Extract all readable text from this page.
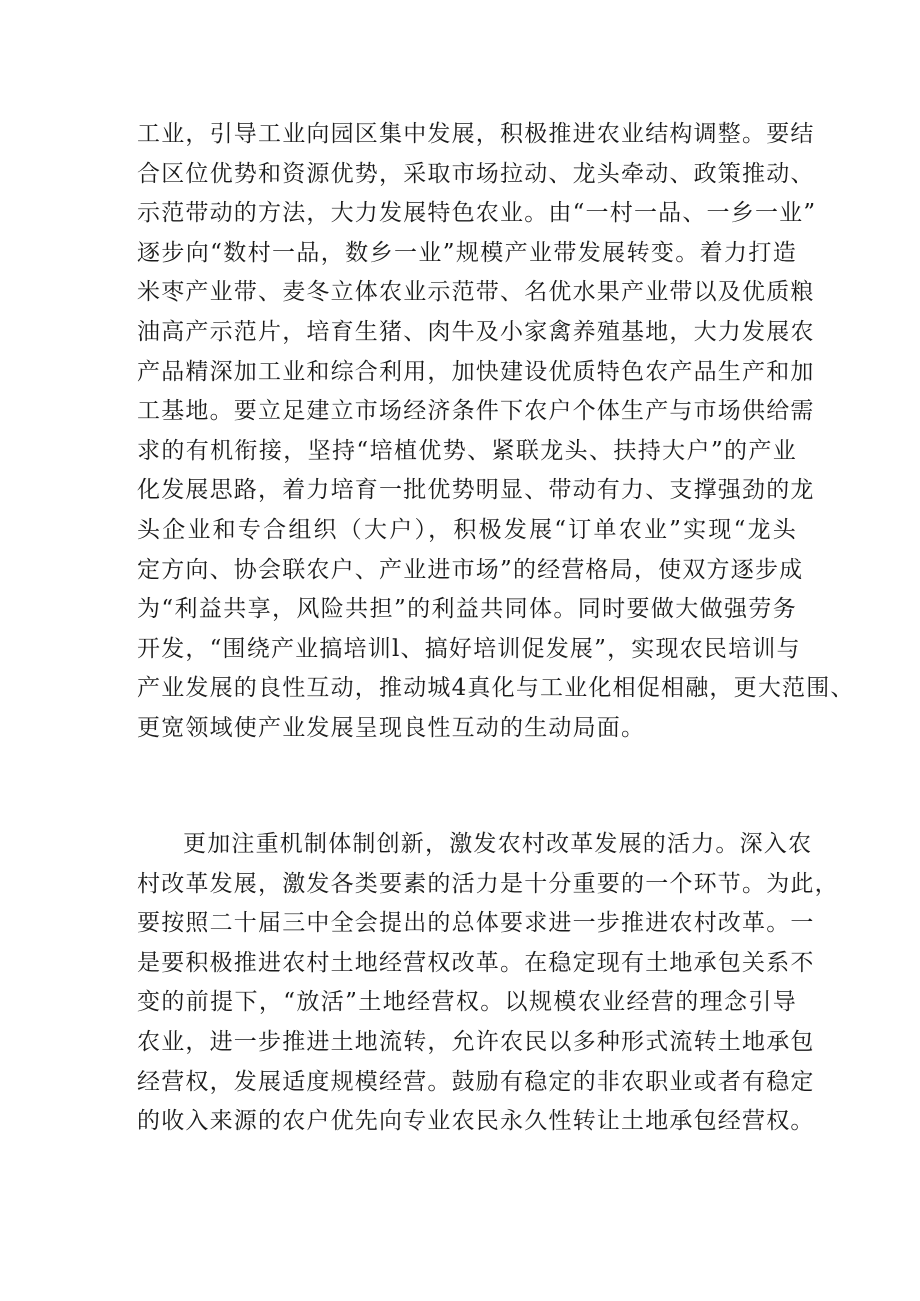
工业，引导工业向园区集中发展，积极推进农业结构调整。要结
合区位优势和资源优势，采取市场拉动、龙头牵动、政策推动、
示范带动的方法，大力发展特色农业。由“一村一品、一乡一业”
逐步向“数村一品，数乡一业”规模产业带发展转变。着力打造
米枣产业带、麦冬立体农业示范带、名优水果产业带以及优质粮
油高产示范片，培育生猪、肉牛及小家禽养殖基地，大力发展农
产品精深加工业和综合利用，加快建设优质特色农产品生产和加
工基地。要立足建立市场经济条件下农户个体生产与市场供给需
求的有机衔接，坚持“培植优势、紧联龙头、扶持大户”的产业
化发展思路，着力培育一批优势明显、带动有力、支撑强劲的龙
头企业和专合组织（大户），积极发展“订单农业”实现“龙头
定方向、协会联农户、产业进市场”的经营格局，使双方逐步成
为“利益共享，风险共担”的利益共同体。同时要做大做强劳务
开发，“围绕产业搞培训l、搞好培训促发展”，实现农民培训与
产业发展的良性互动，推动城4真化与工业化相促相融，更大范围、
更宽领域使产业发展呈现良性互动的生动局面。
更加注重机制体制创新，激发农村改革发展的活力。深入农
村改革发展，激发各类要素的活力是十分重要的一个环节。为此，
要按照二十届三中全会提出的总体要求进一步推进农村改革。一
是要积极推进农村土地经营权改革。在稳定现有土地承包关系不
变的前提下，“放活”土地经营权。以规模农业经营的理念引导
农业，进一步推进土地流转，允许农民以多种形式流转土地承包
经营权，发展适度规模经营。鼓励有稳定的非农职业或者有稳定
的收入来源的农户优先向专业农民永久性转让土地承包经营权。
